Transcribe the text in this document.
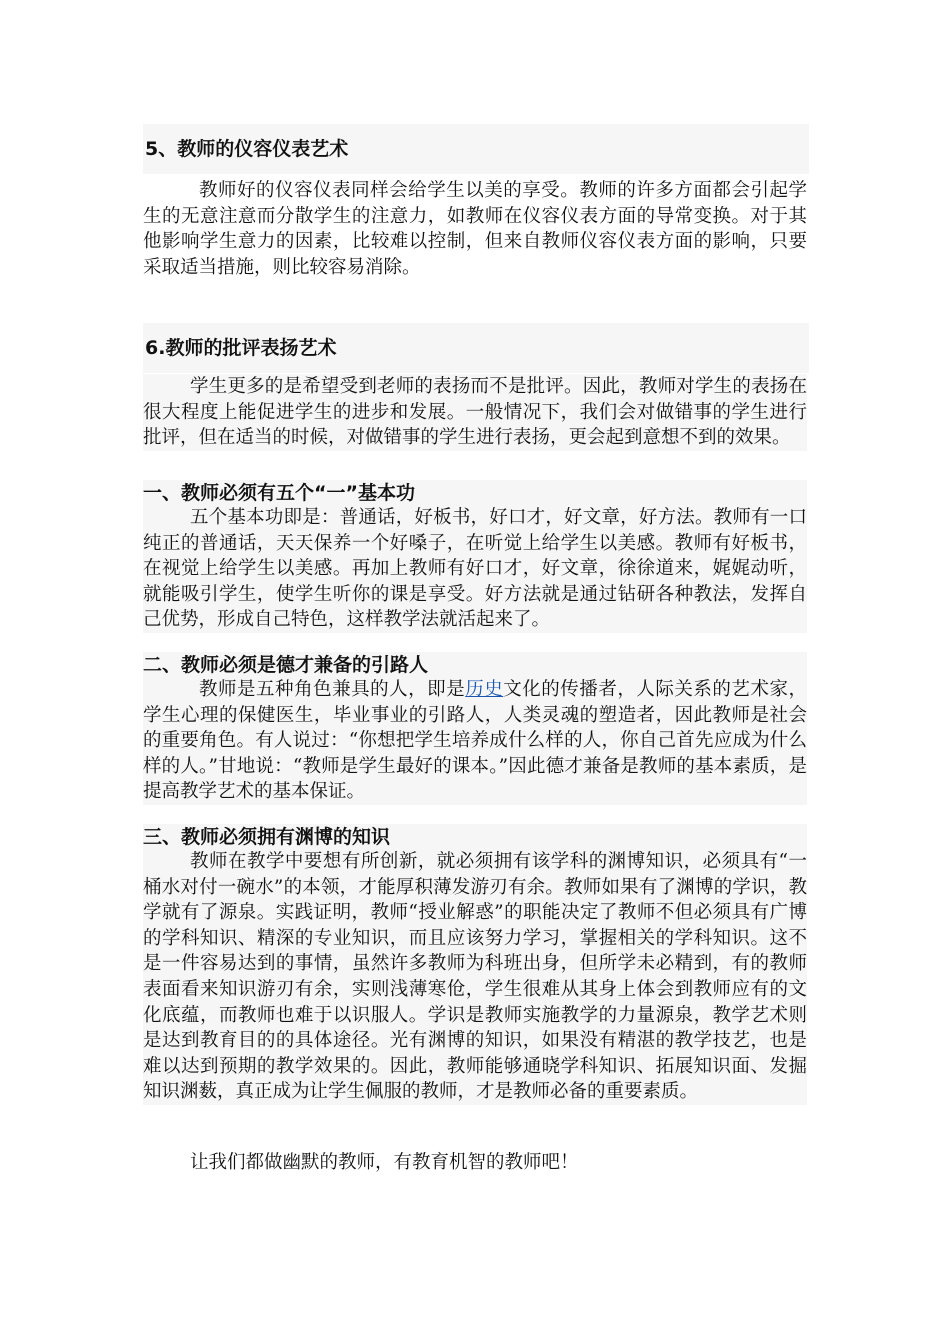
5、教师的仪容仪表艺术

教师好的仪容仪表同样会给学生以美的享受。教师的许多方面都会引起学生的无意注意而分散学生的注意力，如教师在仪容仪表方面的导常变换。对于其他影响学生意力的因素，比较难以控制，但来自教师仪容仪表方面的影响，只要采取适当措施，则比较容易消除。

6.教师的批评表扬艺术

学生更多的是希望受到老师的表扬而不是批评。因此，教师对学生的表扬在很大程度上能促进学生的进步和发展。一般情况下，我们会对做错事的学生进行批评，但在适当的时候，对做错事的学生进行表扬，更会起到意想不到的效果。

一、教师必须有五个“一”基本功

五个基本功即是：普通话，好板书，好口才，好文章，好方法。教师有一口纯正的普通话，天天保养一个好嗓子，在听觉上给学生以美感。教师有好板书，在视觉上给学生以美感。再加上教师有好口才，好文章，徐徐道来，娓娓动听，就能吸引学生，使学生听你的课是享受。好方法就是通过钻研各种教法，发挥自己优势，形成自己特色，这样教学法就活起来了。

二、教师必须是德才兼备的引路人

教师是五种角色兼具的人，即是历史文化的传播者，人际关系的艺术家，学生心理的保健医生，毕业事业的引路人，人类灵魂的塑造者，因此教师是社会的重要角色。有人说过：“你想把学生培养成什么样的人，你自己首先应成为什么样的人。”甘地说：“教师是学生最好的课本。”因此德才兼备是教师的基本素质，是提高教学艺术的基本保证。

三、教师必须拥有渊博的知识

教师在教学中要想有所创新，就必须拥有该学科的渊博知识，必须具有“一桶水对付一碗水”的本领，才能厚积薄发游刃有余。教师如果有了渊博的学识，教学就有了源泉。实践证明，教师“授业解惑”的职能决定了教师不但必须具有广博的学科知识、精深的专业知识，而且应该努力学习，掌握相关的学科知识。这不是一件容易达到的事情，虽然许多教师为科班出身，但所学未必精到，有的教师表面看来知识游刃有余，实则浅薄寒伧，学生很难从其身上体会到教师应有的文化底蕴，而教师也难于以识服人。学识是教师实施教学的力量源泉，教学艺术则是达到教育目的的具体途径。光有渊博的知识，如果没有精湛的教学技艺，也是难以达到预期的教学效果的。因此，教师能够通晓学科知识、拓展知识面、发掘知识渊薮，真正成为让学生佩服的教师，才是教师必备的重要素质。

让我们都做幽默的教师，有教育机智的教师吧！
